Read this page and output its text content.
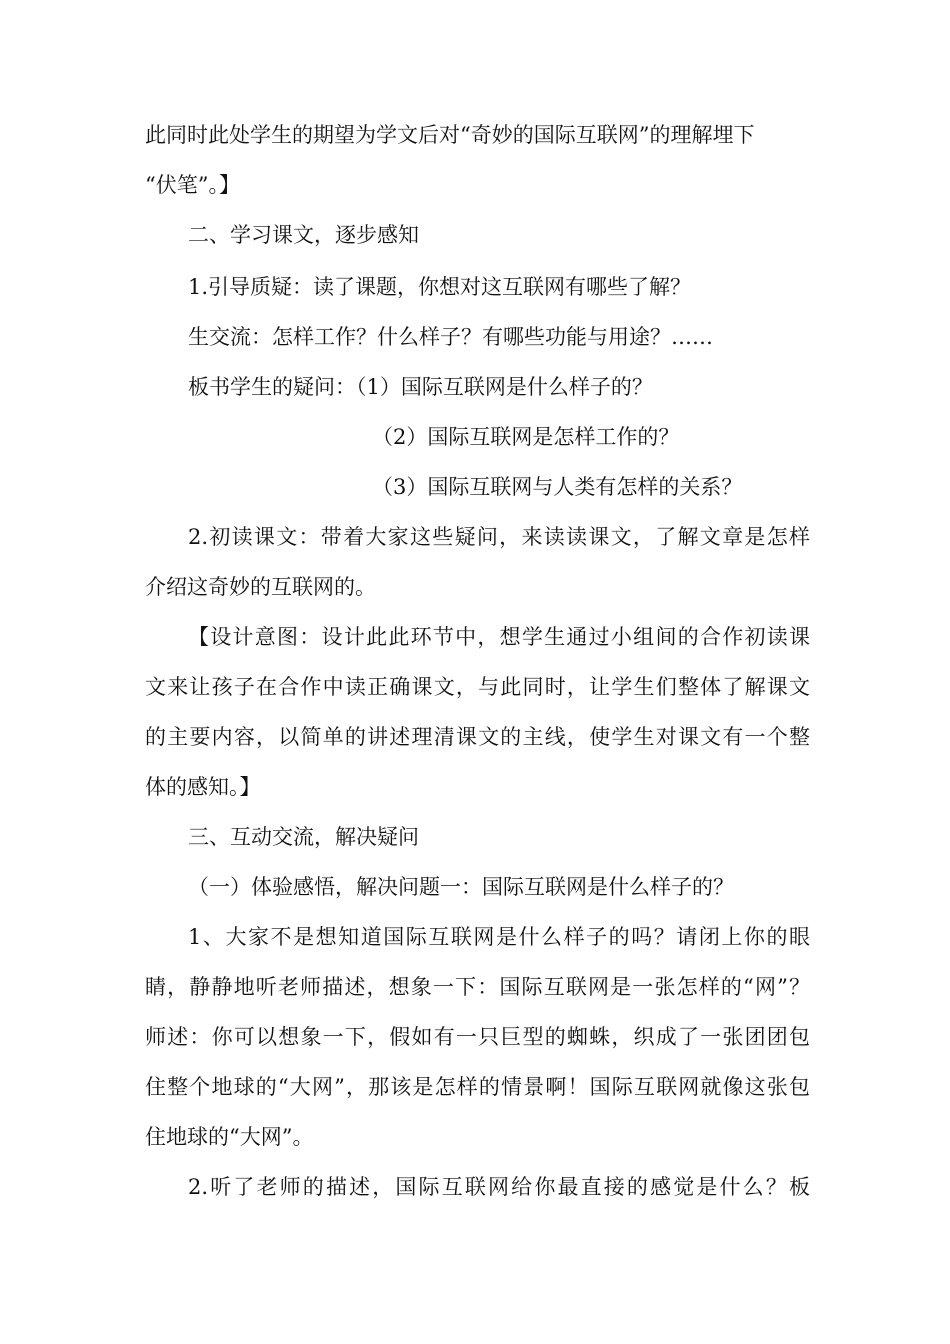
此同时此处学生的期望为学文后对“奇妙的国际互联网”的理解埋下
“伏笔”。】
二、学习课文，逐步感知
1.引导质疑：读了课题，你想对这互联网有哪些了解？
生交流：怎样工作？什么样子？有哪些功能与用途？……
板书学生的疑问：（1）国际互联网是什么样子的？
（2）国际互联网是怎样工作的？
（3）国际互联网与人类有怎样的关系？
2.初读课文：带着大家这些疑问，来读读课文，了解文章是怎样
介绍这奇妙的互联网的。
【设计意图：设计此此环节中，想学生通过小组间的合作初读课
文来让孩子在合作中读正确课文，与此同时，让学生们整体了解课文
的主要内容，以简单的讲述理清课文的主线，使学生对课文有一个整
体的感知。】
三、互动交流，解决疑问
（一）体验感悟，解决问题一：国际互联网是什么样子的？
1、大家不是想知道国际互联网是什么样子的吗？请闭上你的眼
睛，静静地听老师描述，想象一下：国际互联网是一张怎样的“网”？
师述：你可以想象一下，假如有一只巨型的蜘蛛，织成了一张团团包
住整个地球的“大网”，那该是怎样的情景啊！国际互联网就像这张包
住地球的“大网”。
2.听了老师的描述，国际互联网给你最直接的感觉是什么？板
